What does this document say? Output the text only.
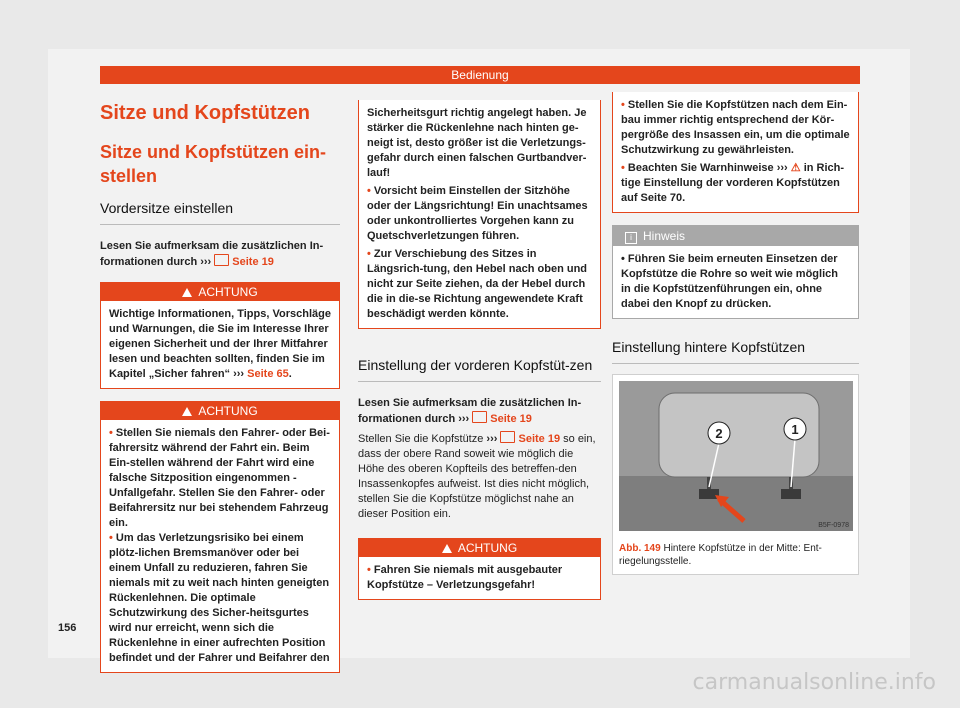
Bedienung
Sitze und Kopfstützen
Sitze und Kopfstützen ein-stellen
Vordersitze einstellen

Lesen Sie aufmerksam die zusätzlichen In-formationen durch ››› Seite 19

ACHTUNG
Wichtige Informationen, Tipps, Vorschläge und Warnungen, die Sie im Interesse Ihrer eigenen Sicherheit und der Ihrer Mitfahrer lesen und beachten sollten, finden Sie im Kapitel „Sicher fahren“ ››› Seite 65.
ACHTUNG

• Stellen Sie niemals den Fahrer- oder Bei-fahrersitz während der Fahrt ein. Beim Ein-stellen während der Fahrt wird eine falsche Sitzposition eingenommen - Unfallgefahr. Stellen Sie den Fahrer- oder Beifahrersitz nur bei stehendem Fahrzeug ein.

• Um das Verletzungsrisiko bei einem plötz-lichen Bremsmanöver oder bei einem Unfall zu reduzieren, fahren Sie niemals mit zu weit nach hinten geneigten Rückenlehnen. Die optimale Schutzwirkung des Sicher-heitsgurtes wird nur erreicht, wenn sich die Rückenlehne in einer aufrechten Position befindet und der Fahrer und Beifahrer den

Sicherheitsgurt richtig angelegt haben. Je stärker die Rückenlehne nach hinten ge-neigt ist, desto größer ist die Verletzungs-gefahr durch einen falschen Gurtbandver-lauf!

• Vorsicht beim Einstellen der Sitzhöhe oder der Längsrichtung! Ein unachtsames oder unkontrolliertes Vorgehen kann zu Quetschverletzungen führen.

• Zur Verschiebung des Sitzes in Längsrich-tung, den Hebel nach oben und nicht zur Seite ziehen, da der Hebel durch die in die-se Richtung angewendete Kraft beschädigt werden könnte.

Einstellung der vorderen Kopfstüt-zen

Lesen Sie aufmerksam die zusätzlichen In-formationen durch ››› Seite 19

Stellen Sie die Kopfstütze ››› Seite 19 so ein, dass der obere Rand soweit wie möglich die Höhe des oberen Kopfteils des betreffen-den Insassenkopfes aufweist. Ist dies nicht möglich, stellen Sie die Kopfstütze möglichst nahe an dieser Position ein.

ACHTUNG

• Fahren Sie niemals mit ausgebauter Kopfstütze – Verletzungsgefahr!

• Stellen Sie die Kopfstützen nach dem Ein-bau immer richtig entsprechend der Kör-pergröße des Insassen ein, um die optimale Schutzwirkung zu gewährleisten.

• Beachten Sie Warnhinweise ››› ⚠ in Rich-tige Einstellung der vorderen Kopfstützen auf Seite 70.

i Hinweis

• Führen Sie beim erneuten Einsetzen der Kopfstütze die Rohre so weit wie möglich in die Kopfstützenführungen ein, ohne dabei den Knopf zu drücken.

Einstellung hintere Kopfstützen
2	1
B5F-0978
Abb. 149 Hintere Kopfstütze in der Mitte: Ent-riegelungsstelle.
156
carmanualsonline.info
